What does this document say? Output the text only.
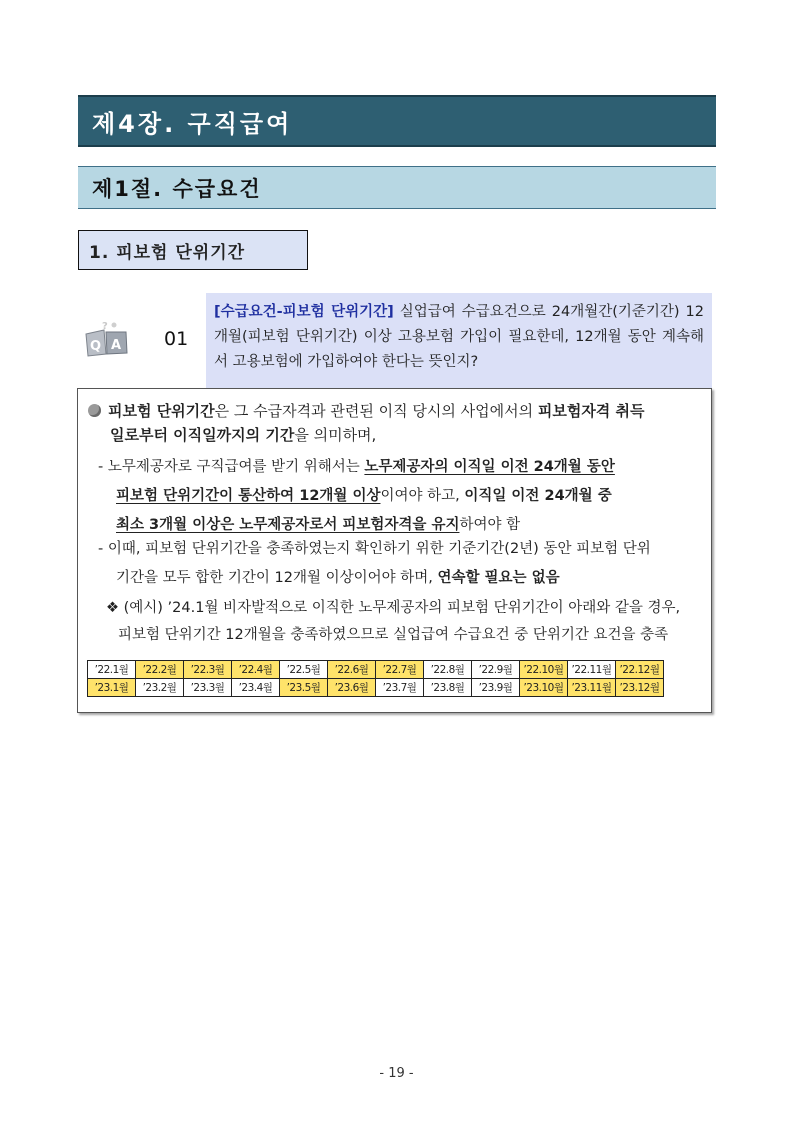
제4장. 구직급여
제1절. 수급요건
1. 피보험 단위기간
Q A
?
01
[수급요건-피보험 단위기간] 실업급여 수급요건으로 24개월간(기준기간) 12개월(피보험 단위기간) 이상 고용보험 가입이 필요한데, 12개월 동안 계속해서 고용보험에 가입하여야 한다는 뜻인지?
피보험 단위기간은 그 수급자격과 관련된 이직 당시의 사업에서의 피보험자격 취득
일로부터 이직일까지의 기간을 의미하며,
- 노무제공자로 구직급여를 받기 위해서는 노무제공자의 이직일 이전 24개월 동안
피보험 단위기간이 통산하여 12개월 이상이여야 하고, 이직일 이전 24개월 중
최소 3개월 이상은 노무제공자로서 피보험자격을 유지하여야 함
- 이때, 피보험 단위기간을 충족하였는지 확인하기 위한 기준기간(2년) 동안 피보험 단위
기간을 모두 합한 기간이 12개월 이상이어야 하며, 연속할 필요는 없음
❖ (예시) ’24.1월 비자발적으로 이직한 노무제공자의 피보험 단위기간이 아래와 같을 경우,
피보험 단위기간 12개월을 충족하였으므로 실업급여 수급요건 중 단위기간 요건을 충족
’22.1월	’22.2월	’22.3월	’22.4월	’22.5월	’22.6월	’22.7월	’22.8월	’22.9월	’22.10월	’22.11월	’22.12월
’23.1월	’23.2월	’23.3월	’23.4월	’23.5월	’23.6월	’23.7월	’23.8월	’23.9월	’23.10월	’23.11월	’23.12월
- 19 -
